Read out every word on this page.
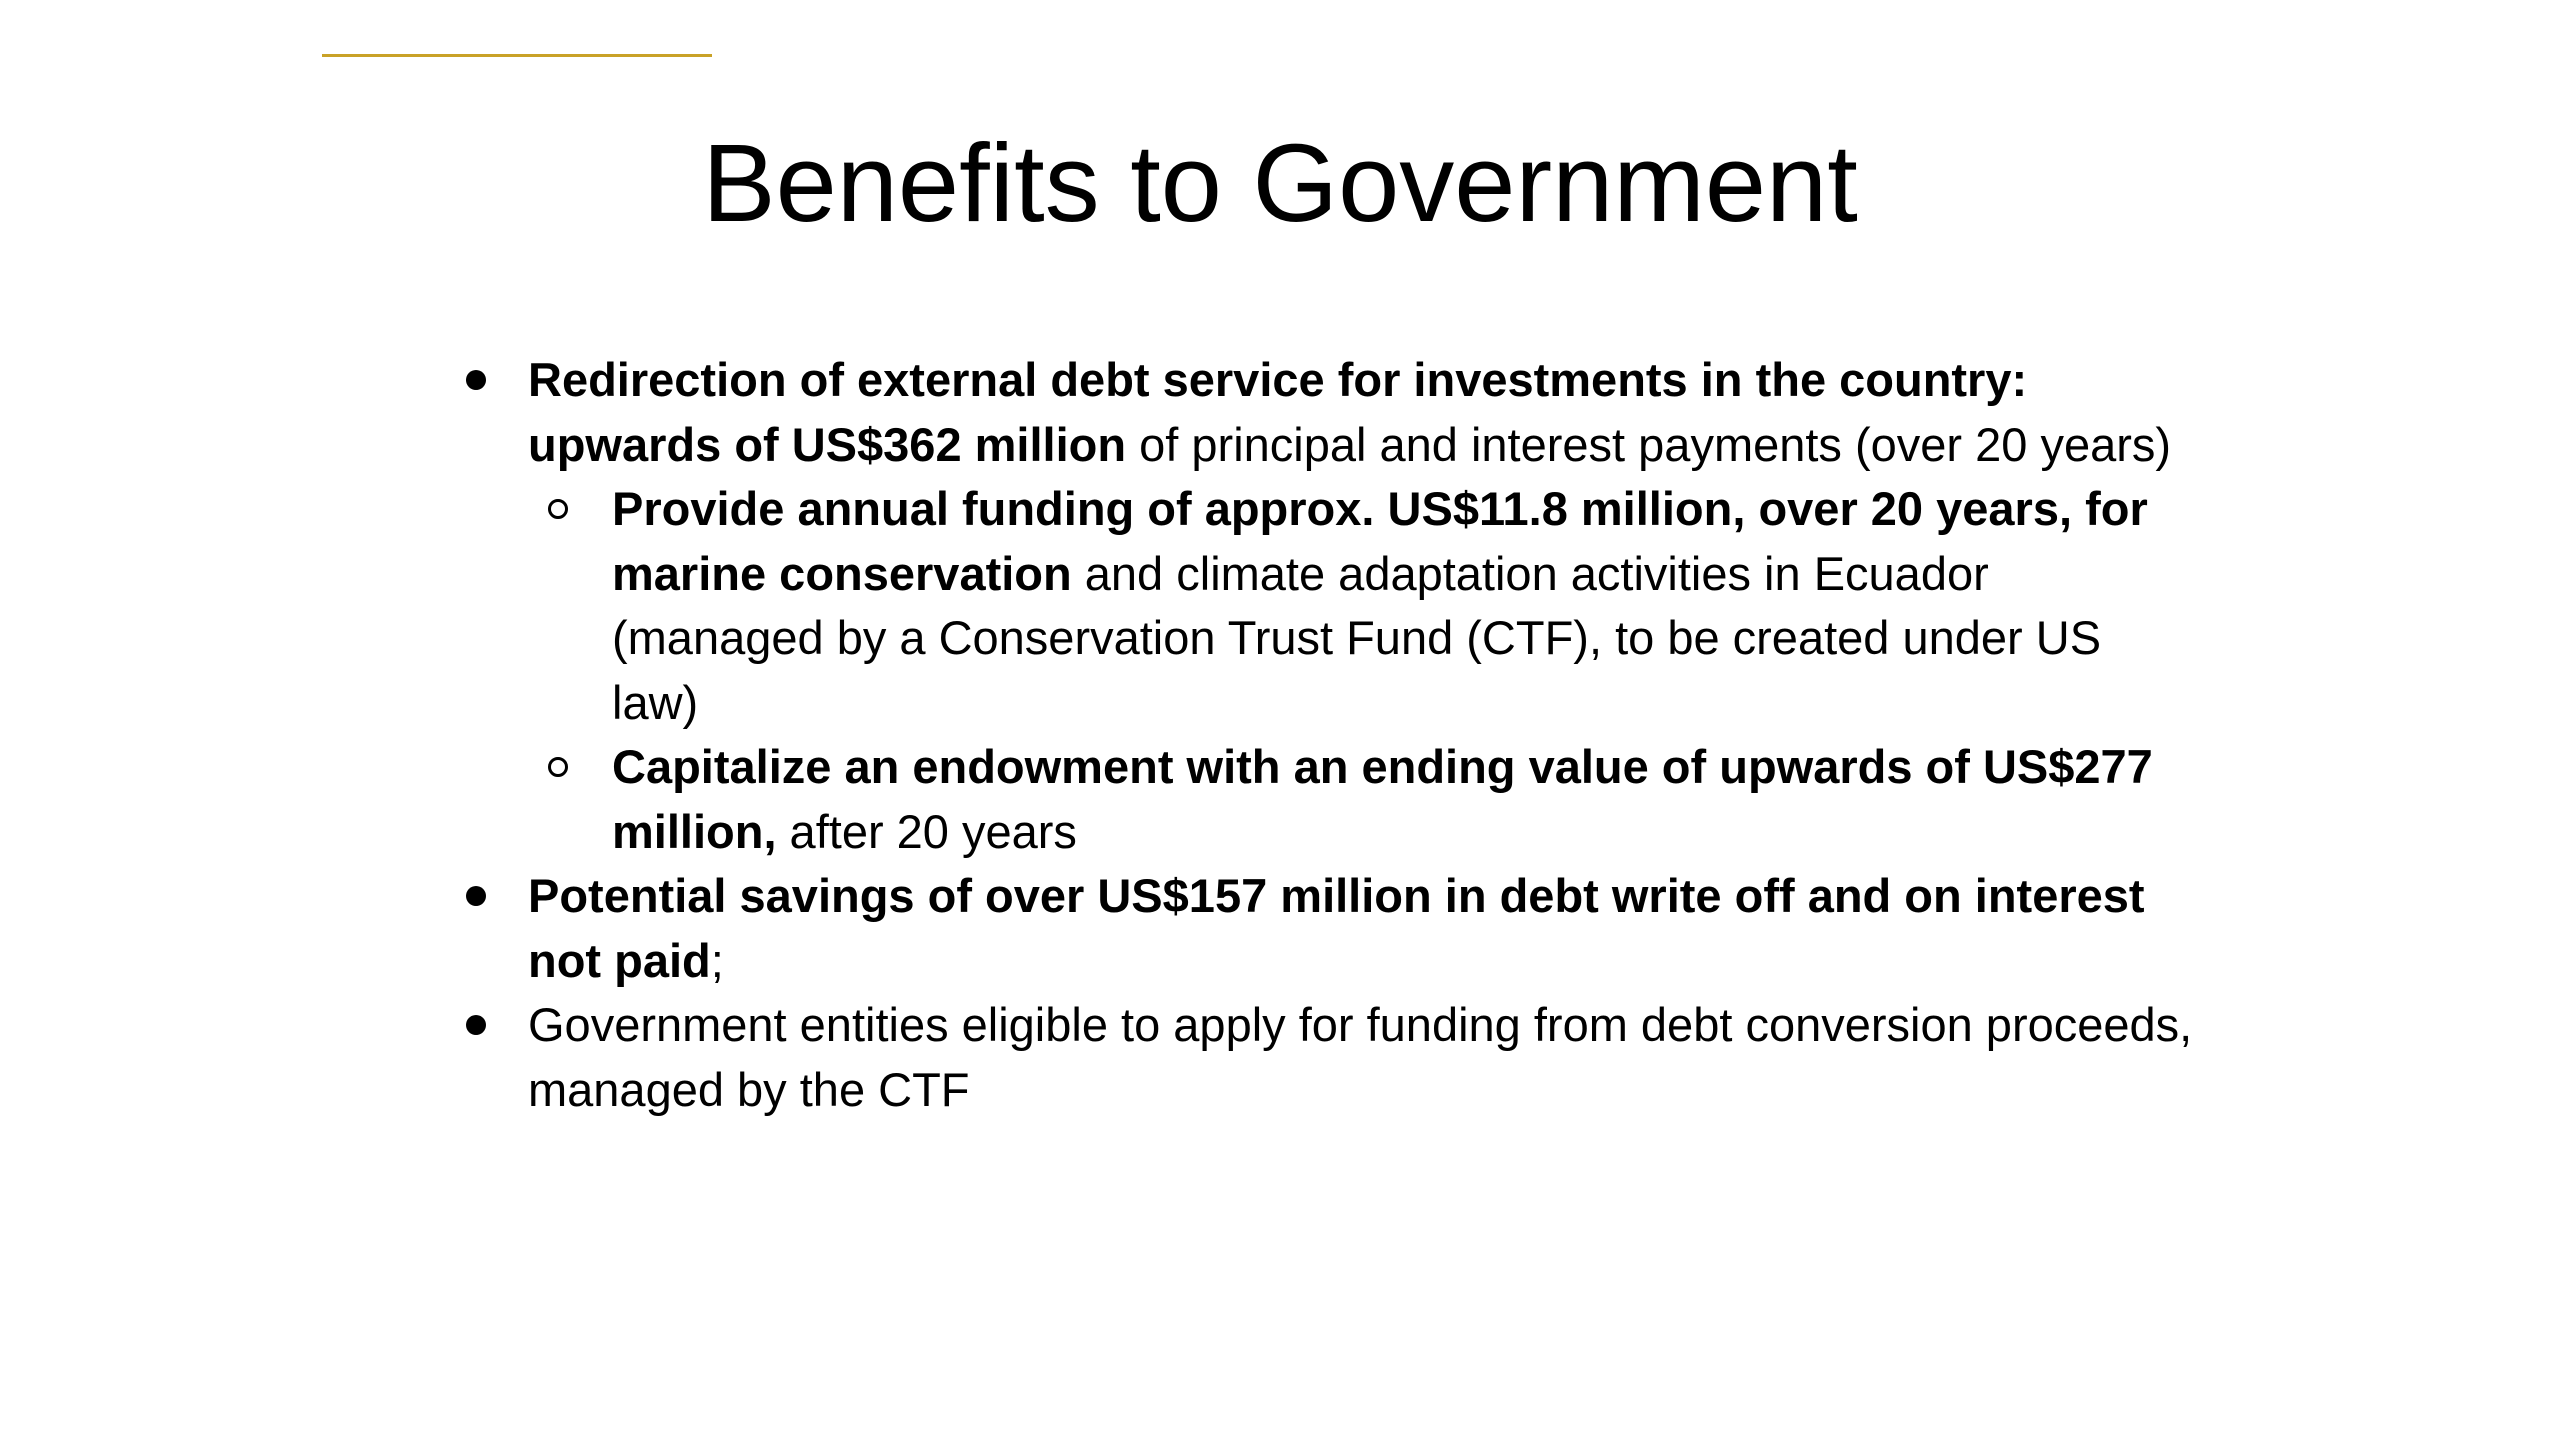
Benefits to Government
Redirection of external debt service for investments in the country: upwards of US$362 million of principal and interest payments (over 20 years)
Provide annual funding of approx. US$11.8 million, over 20 years, for marine conservation and climate adaptation activities in Ecuador (managed by a Conservation Trust Fund (CTF), to be created under US law)
Capitalize an endowment with an ending value of upwards of US$277 million, after 20 years
Potential savings of over US$157 million in debt write off and on interest not paid;
Government entities eligible to apply for funding from debt conversion proceeds, managed by the CTF
